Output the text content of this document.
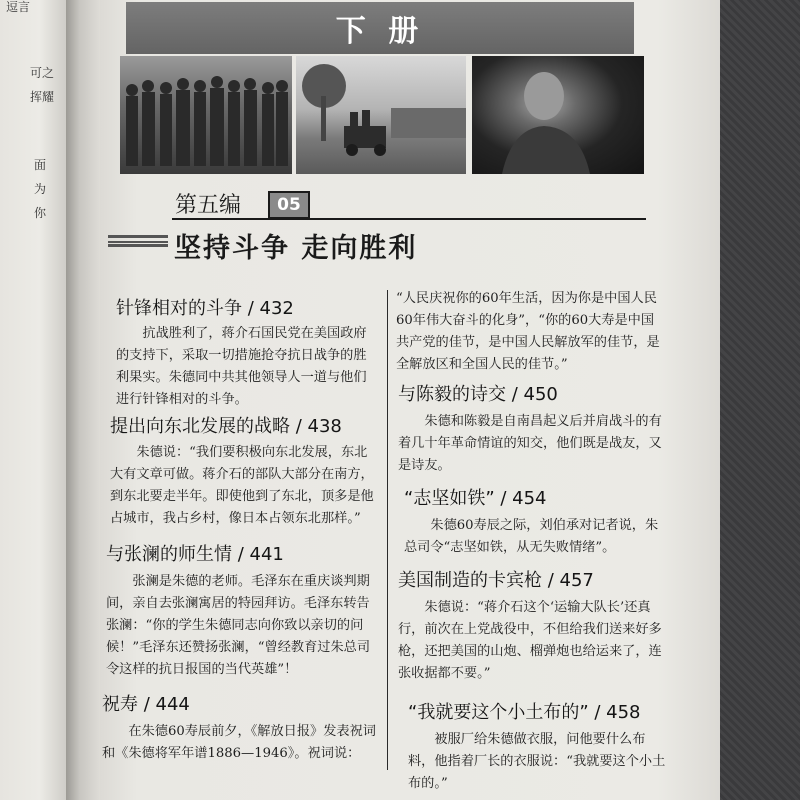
逗言
可之
挥耀
面
为
你
下 册
第五编	05
坚持斗争 走向胜利
针锋相对的斗争 / 432
抗战胜利了，蒋介石国民党在美国政府的支持下，采取一切措施抢夺抗日战争的胜利果实。朱德同中共其他领导人一道与他们进行针锋相对的斗争。
提出向东北发展的战略 / 438
朱德说：“我们要积极向东北发展，东北大有文章可做。蒋介石的部队大部分在南方，到东北要走半年。即使他到了东北，顶多是他占城市，我占乡村，像日本占领东北那样。”
与张澜的师生情 / 441
张澜是朱德的老师。毛泽东在重庆谈判期间，亲自去张澜寓居的特园拜访。毛泽东转告张澜：“你的学生朱德同志向你致以亲切的问候！”毛泽东还赞扬张澜，“曾经教育过朱总司令这样的抗日报国的当代英雄”！
祝寿 / 444
在朱德60寿辰前夕，《解放日报》发表祝词和《朱德将军年谱1886—1946》。祝词说：
“人民庆祝你的60年生活，因为你是中国人民60年伟大奋斗的化身”，“你的60大寿是中国共产党的佳节，是中国人民解放军的佳节，是全解放区和全国人民的佳节。”
与陈毅的诗交 / 450
朱德和陈毅是自南昌起义后并肩战斗的有着几十年革命情谊的知交，他们既是战友，又是诗友。
“志坚如铁” / 454
朱德60寿辰之际，刘伯承对记者说，朱总司令“志坚如铁，从无失败情绪”。
美国制造的卡宾枪 / 457
朱德说：“蒋介石这个‘运输大队长’还真行，前次在上党战役中，不但给我们送来好多枪，还把美国的山炮、榴弹炮也给运来了，连张收据都不要。”
“我就要这个小土布的” / 458
被服厂给朱德做衣服，问他要什么布料，他指着厂长的衣服说：“我就要这个小土布的。”
